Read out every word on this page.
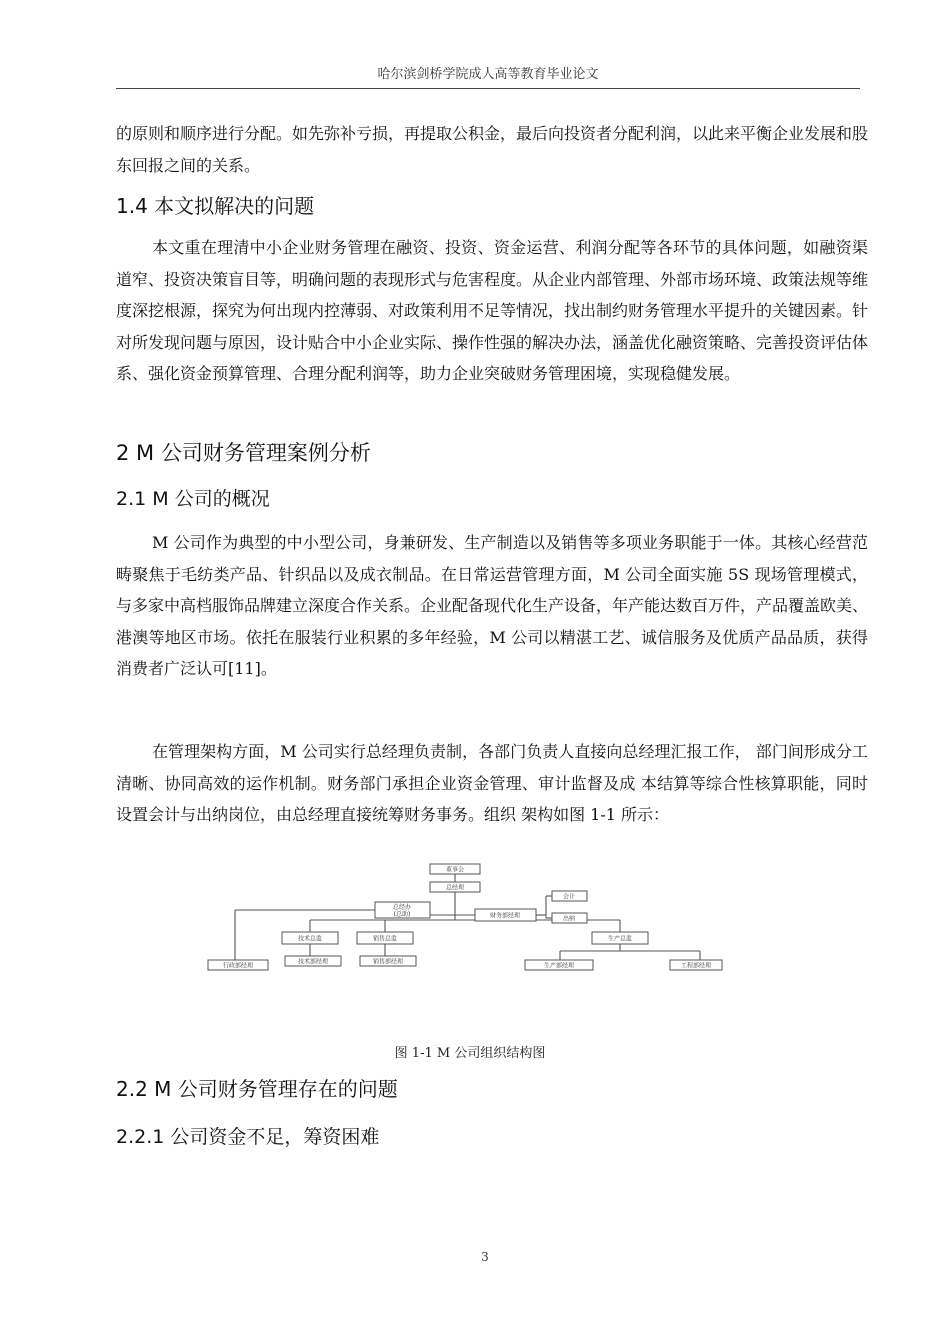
哈尔滨剑桥学院成人高等教育毕业论文

的原则和顺序进行分配。如先弥补亏损，再提取公积金，最后向投资者分配利润，以此来平衡企业发展和股东回报之间的关系。

1.4 本文拟解决的问题

本文重在理清中小企业财务管理在融资、投资、资金运营、利润分配等各环节的具体问题，如融资渠道窄、投资决策盲目等，明确问题的表现形式与危害程度。从企业内部管理、外部市场环境、政策法规等维度深挖根源，探究为何出现内控薄弱、对政策利用不足等情况，找出制约财务管理水平提升的关键因素。针对所发现问题与原因，设计贴合中小企业实际、操作性强的解决办法，涵盖优化融资策略、完善投资评估体系、强化资金预算管理、合理分配利润等，助力企业突破财务管理困境，实现稳健发展。

2 M 公司财务管理案例分析
2.1 M 公司的概况

M 公司作为典型的中小型公司，身兼研发、生产制造以及销售等多项业务职能于一体。其核心经营范畴聚焦于毛纺类产品、针织品以及成衣制品。在日常运营管理方面，M 公司全面实施 5S 现场管理模式，与多家中高档服饰品牌建立深度合作关系。企业配备现代化生产设备，年产能达数百万件，产品覆盖欧美、港澳等地区市场。依托在服装行业积累的多年经验，M 公司以精湛工艺、诚信服务及优质产品品质，获得消费者广泛认可[11]。

在管理架构方面，M 公司实行总经理负责制，各部门负责人直接向总经理汇报工作， 部门间形成分工清晰、协同高效的运作机制。财务部门承担企业资金管理、审计监督及成 本结算等综合性核算职能，同时设置会计与出纳岗位，由总经理直接统筹财务事务。组织 架构如图 1-1 所示：

董事会
总经理
总经办
(总助)	财务部经理
会计
出纳
技术总监	销售总监	生产总监
行政部经理
技术部经理	销售部经理
生产部经理	工程部经理
图 1-1 M 公司组织结构图
2.2 M 公司财务管理存在的问题
2.2.1 公司资金不足，筹资困难
3
